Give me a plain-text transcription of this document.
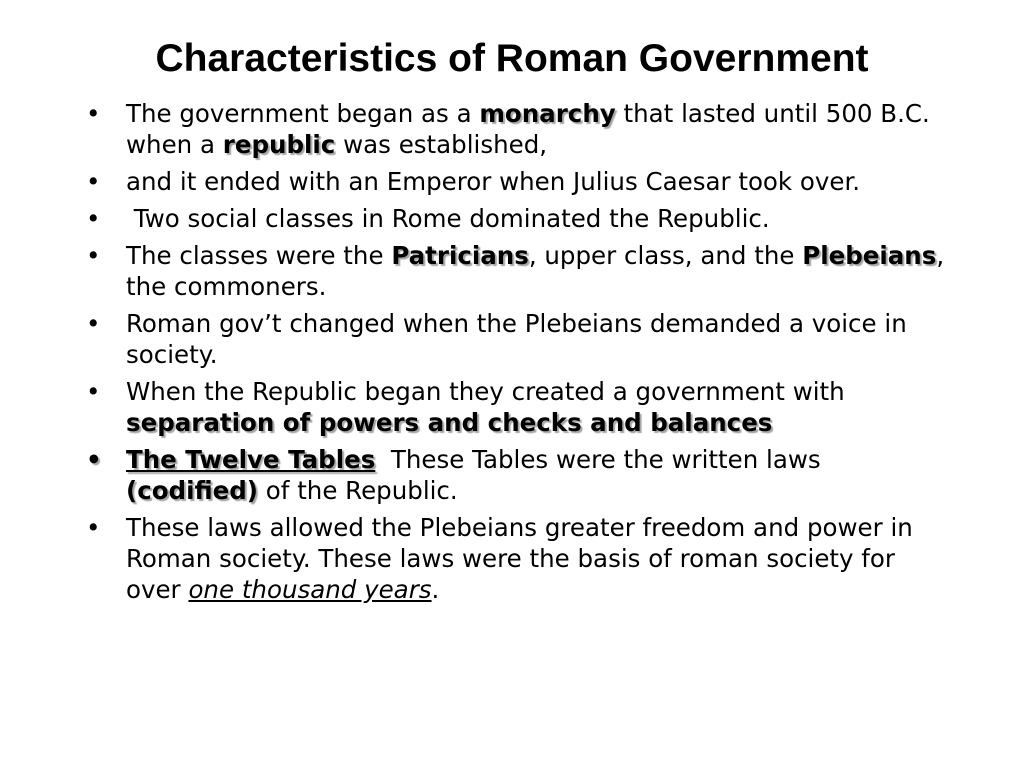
Characteristics of Roman Government
•	The government began as a monarchy that lasted until 500 B.C. when a republic was established,
•	and it ended with an Emperor when Julius Caesar took over.
•	Two social classes in Rome dominated the Republic.
•	The classes were the Patricians, upper class, and the Plebeians, the commoners.
•	Roman gov’t changed when the Plebeians demanded a voice in society.
•	When the Republic began they created a government with separation of powers and checks and balances
• The Twelve Tables  These Tables were the written laws (codified) of the Republic.
•	These laws allowed the Plebeians greater freedom and power in Roman society. These laws were the basis of roman society for over one thousand years.
